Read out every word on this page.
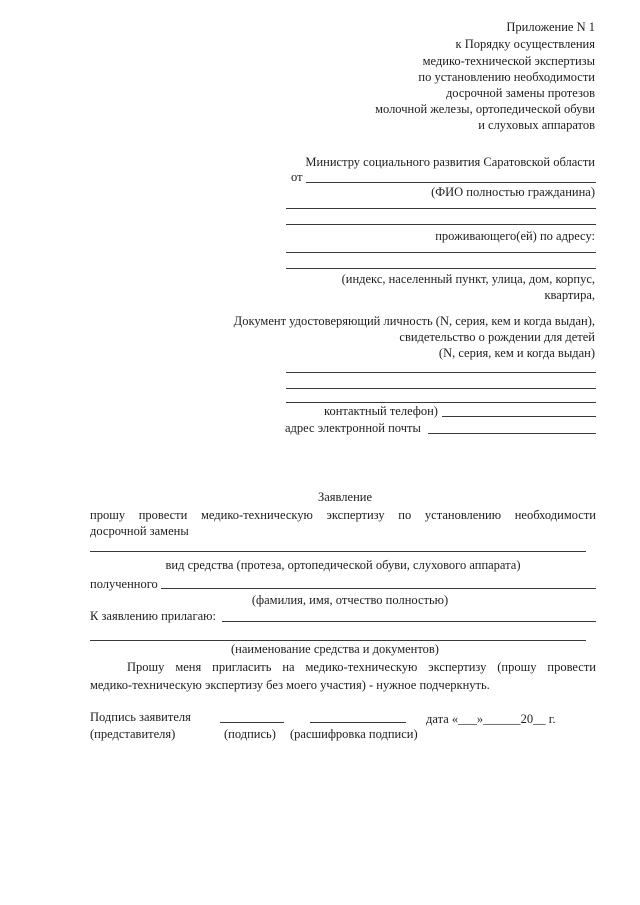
Приложение N 1
к Порядку осуществления
медико-технической экспертизы
по установлению необходимости
досрочной замены протезов
молочной железы, ортопедической обуви
и слуховых аппаратов
Министру социального развития Саратовской области
от
(ФИО полностью гражданина)
проживающего(ей) по адресу:
(индекс, населенный пункт, улица, дом, корпус,
квартира,
Документ удостоверяющий личность (N, серия, кем и когда выдан),
свидетельство о рождении для детей
(N, серия, кем и когда выдан)
контактный телефон)
адрес электронной почты
Заявление
прошу провести медико-техническую экспертизу по установлению необходимости
досрочной замены
вид средства (протеза, ортопедической обуви, слухового аппарата)
полученного
(фамилия, имя, отчество полностью)
К заявлению прилагаю:
(наименование средства и документов)
Прошу меня пригласить на медико-техническую экспертизу (прошу провести
медико-техническую экспертизу без моего участия) - нужное подчеркнуть.
Подпись заявителя
(представителя)	(подпись) (расшифровка подписи)
дата «___»______20__ г.
